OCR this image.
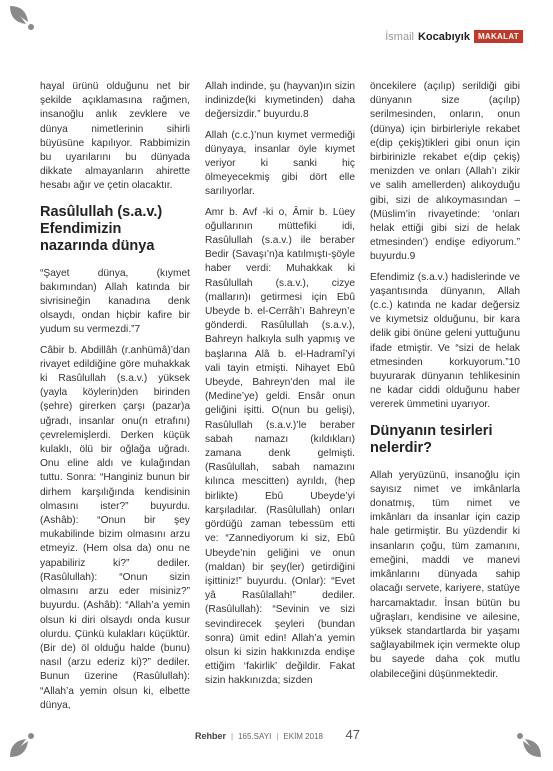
İsmail Kocabıyık	MAKALAT

hayal ürünü olduğunu net bir şekilde açıklamasına rağmen, insanoğlu anlık zevklere ve dünya nimetlerinin sihirli büyüsüne kapılıyor. Rabbimizin bu uyarılarını bu dünyada dikkate almayanların ahirette hesabı ağır ve çetin olacaktır.

Rasûlullah (s.a.v.) Efendimizin nazarında dünya

“Şayet dünya, (kıymet bakımından) Allah katında bir sivrisineğin kanadına denk olsaydı, ondan hiçbir kafire bir yudum su vermezdi.”7

Câbir b. Abdillâh (r.anhümâ)’dan rivayet edildiğine göre muhakkak ki Rasûlullah (s.a.v.) yüksek (yayla köylerin)den birinden (şehre) girerken çarşı (pazar)a uğradı, insanlar onu(n etrafını) çevrelemişlerdi. Derken küçük kulaklı, ölü bir oğlağa uğradı. Onu eline aldı ve kulağından tuttu. Sonra: “Hanginiz bunun bir dirhem karşılığında kendisinin olmasını ister?” buyurdu. (Ashâb): “Onun bir şey mukabilinde bizim olmasını arzu etmeyiz. (Hem olsa da) onu ne yapabiliriz ki?” dediler. (Rasûlullah): “Onun sizin olmasını arzu eder misiniz?” buyurdu. (Ashâb): “Allah’a yemin olsun ki diri olsaydı onda kusur olurdu. Çünkü kulakları küçüktür. (Bir de) öl olduğu halde (bunu) nasıl (arzu ederiz ki)?” dediler. Bunun üzerine (Rasûlullah): “Allah’a yemin olsun ki, elbette dünya,

Allah indinde, şu (hayvan)ın sizin indinizde(ki kıymetinden) daha değersizdir.” buyurdu.8

Allah (c.c.)’nun kıymet vermediği dünyaya, insanlar öyle kıymet veriyor ki sanki hiç ölmeyecekmiş gibi dört elle sarılıyorlar.

Amr b. Avf -ki o, Âmir b. Lüey oğullarının müttefiki idi, Rasûlullah (s.a.v.) ile beraber Bedir (Savaşı’n)a katılmıştı-şöyle haber verdi: Muhakkak ki Rasûlullah (s.a.v.), cizye (malların)ı getirmesi için Ebû Ubeyde b. el-Cerrâh’ı Bahreyn’e gönderdi. Rasûlullah (s.a.v.), Bahreyn halkıyla sulh yapmış ve başlarına Alâ b. el-Hadramî’yi vali tayin etmişti. Nihayet Ebû Ubeyde, Bahreyn’den mal ile (Medine’ye) geldi. Ensâr onun geliğini işitti. O(nun bu gelişi), Rasûlullah (s.a.v.)’le beraber sabah namazı (kıldıkları) zamana denk gelmişti. (Rasûlullah, sabah namazını kılınca mescitten) ayrıldı, (hep birlikte) Ebû Ubeyde’yi karşıladılar. (Rasûlullah) onları gördüğü zaman tebessüm etti ve: “Zannediyorum ki siz, Ebû Ubeyde’nin geliğini ve onun (maldan) bir şey(ler) getirdiğini işittiniz!” buyurdu. (Onlar): “Evet yâ Rasûlallah!” dediler. (Rasûlullah): “Sevinin ve sizi sevindirecek şeyleri (bundan sonra) ümit edin! Allah’a yemin olsun ki sizin hakkınızda endişe ettiğim ‘fakirlik’ değildir. Fakat sizin hakkınızda; sizden

öncekilere (açılıp) serildiği gibi dünyanın size (açılıp) serilmesinden, onların, onun (dünya) için birbirleriyle rekabet e(dip çekiş)tikleri gibi onun için birbirinizle rekabet e(dip çekiş) menizden ve onları (Allah’ı zikir ve salih amellerden) alıkoyduğu gibi, sizi de alıkoymasından –(Müslim’in rivayetinde: ‘onları helak ettiği gibi sizi de helak etmesinden’) endişe ediyorum.” buyurdu.9

Efendimiz (s.a.v.) hadislerinde ve yaşantısında dünyanın, Allah (c.c.) katında ne kadar değersiz ve kıymetsiz olduğunu, bir kara delik gibi önüne geleni yuttuğunu ifade etmiştir. Ve “sizi de helak etmesinden korkuyorum.”10 buyurarak dünyanın tehlikesinin ne kadar ciddi olduğunu haber vererek ümmetini uyarıyor.

Dünyanın tesirleri nelerdir?

Allah yeryüzünü, insanoğlu için sayısız nimet ve imkânlarla donatmış, tüm nimet ve imkânları da insanlar için cazip hale getirmiştir. Bu yüzdendir ki insanların çoğu, tüm zamanını, emeğini, maddi ve manevi imkânlarını dünyada sahip olacağı servete, kariyere, statüye harcamaktadır. İnsan bütün bu uğraşları, kendisine ve ailesine, yüksek standartlarda bir yaşamı sağlayabilmek için vermekte olup bu sayede daha çok mutlu olabileceğini düşünmektedir.

Rehber | 165.SAYI | EKİM 2018 47
